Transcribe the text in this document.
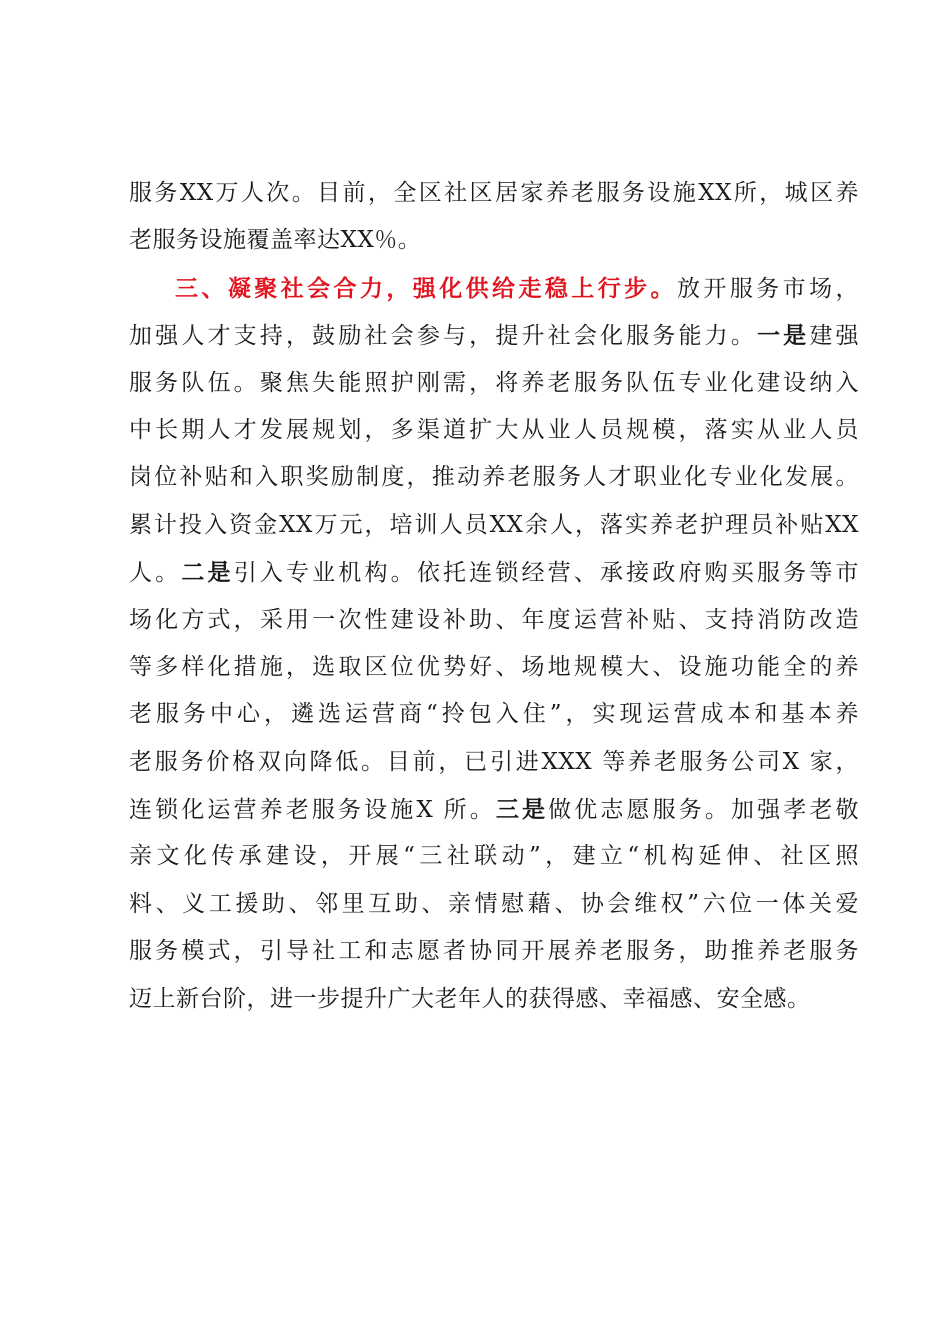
服务XX万人次。目前，全区社区居家养老服务设施XX所，城区养
老服务设施覆盖率达XX％。
三、凝聚社会合力，强化供给走稳上行步。放开服务市场，
加强人才支持，鼓励社会参与，提升社会化服务能力。一是建强
服务队伍。聚焦失能照护刚需，将养老服务队伍专业化建设纳入
中长期人才发展规划，多渠道扩大从业人员规模，落实从业人员
岗位补贴和入职奖励制度，推动养老服务人才职业化专业化发展。
累计投入资金XX万元，培训人员XX余人，落实养老护理员补贴XX
人。二是引入专业机构。依托连锁经营、承接政府购买服务等市
场化方式，采用一次性建设补助、年度运营补贴、支持消防改造
等多样化措施，选取区位优势好、场地规模大、设施功能全的养
老服务中心，遴选运营商“拎包入住”，实现运营成本和基本养
老服务价格双向降低。目前，已引进XXX 等养老服务公司X 家，
连锁化运营养老服务设施X 所。三是做优志愿服务。加强孝老敬
亲文化传承建设，开展“三社联动”，建立“机构延伸、社区照
料、义工援助、邻里互助、亲情慰藉、协会维权”六位一体关爱
服务模式，引导社工和志愿者协同开展养老服务，助推养老服务
迈上新台阶，进一步提升广大老年人的获得感、幸福感、安全感。
